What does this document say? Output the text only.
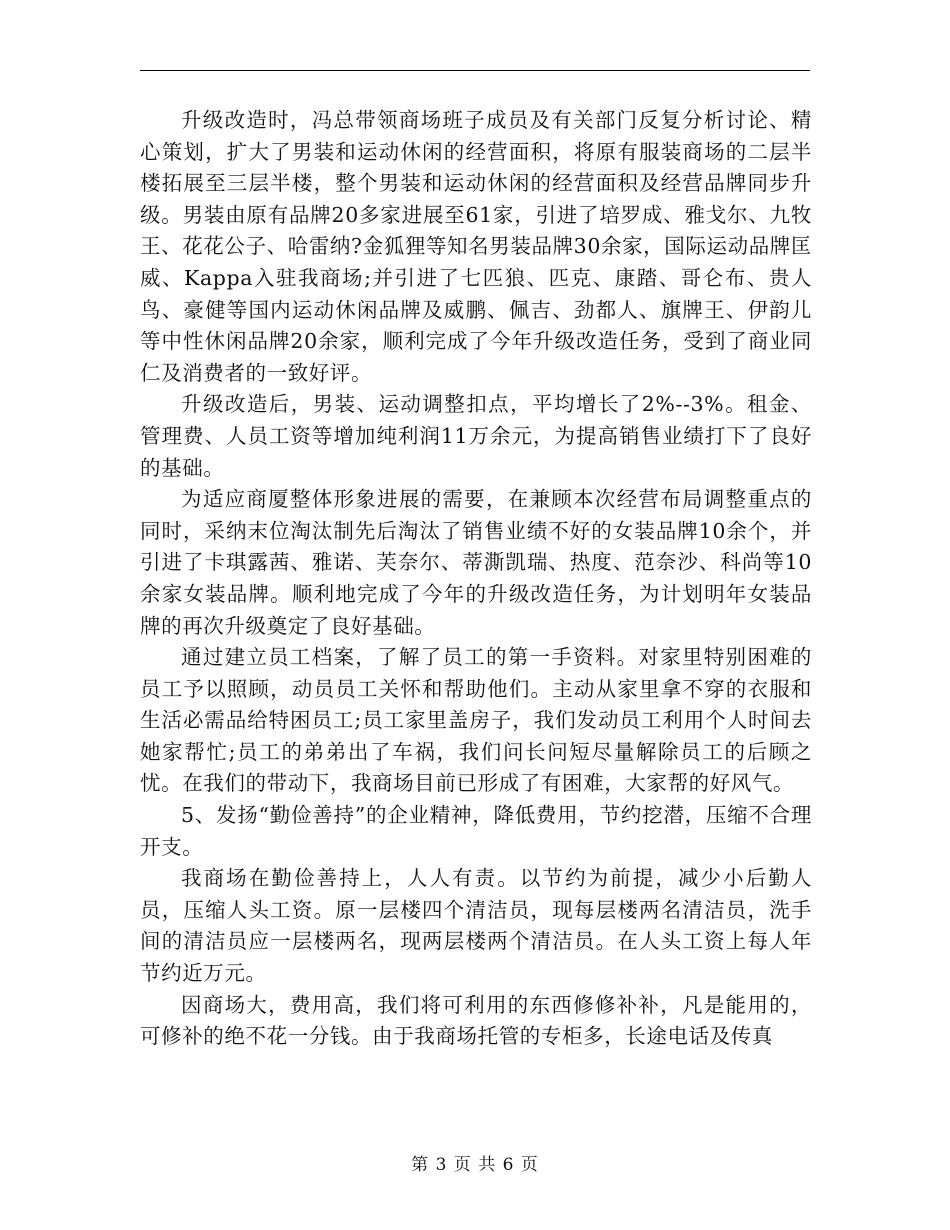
升级改造时，冯总带领商场班子成员及有关部门反复分析讨论、精心策划，扩大了男装和运动休闲的经营面积，将原有服装商场的二层半楼拓展至三层半楼，整个男装和运动休闲的经营面积及经营品牌同步升级。男装由原有品牌20多家进展至61家，引进了培罗成、雅戈尔、九牧王、花花公子、哈雷纳?金狐狸等知名男装品牌30余家，国际运动品牌匡威、Kappa入驻我商场;并引进了七匹狼、匹克、康踏、哥仑布、贵人鸟、豪健等国内运动休闲品牌及威鹏、佩吉、劲都人、旗牌王、伊韵儿等中性休闲品牌20余家，顺利完成了今年升级改造任务，受到了商业同仁及消费者的一致好评。

升级改造后，男装、运动调整扣点，平均增长了2%--3%。租金、管理费、人员工资等增加纯利润11万余元，为提高销售业绩打下了良好的基础。

为适应商厦整体形象进展的需要，在兼顾本次经营布局调整重点的同时，采纳末位淘汰制先后淘汰了销售业绩不好的女装品牌10余个，并引进了卡琪露茜、雅诺、芙奈尔、蒂澌凯瑞、热度、范奈沙、科尚等10余家女装品牌。顺利地完成了今年的升级改造任务，为计划明年女装品牌的再次升级奠定了良好基础。

通过建立员工档案，了解了员工的第一手资料。对家里特别困难的员工予以照顾，动员员工关怀和帮助他们。主动从家里拿不穿的衣服和生活必需品给特困员工;员工家里盖房子，我们发动员工利用个人时间去她家帮忙;员工的弟弟出了车祸，我们问长问短尽量解除员工的后顾之忧。在我们的带动下，我商场目前已形成了有困难，大家帮的好风气。

5、发扬“勤俭善持”的企业精神，降低费用，节约挖潜，压缩不合理开支。

我商场在勤俭善持上，人人有责。以节约为前提，减少小后勤人员，压缩人头工资。原一层楼四个清洁员，现每层楼两名清洁员，洗手间的清洁员应一层楼两名，现两层楼两个清洁员。在人头工资上每人年节约近万元。

因商场大，费用高，我们将可利用的东西修修补补，凡是能用的，可修补的绝不花一分钱。由于我商场托管的专柜多，长途电话及传真

第 3 页 共 6 页
